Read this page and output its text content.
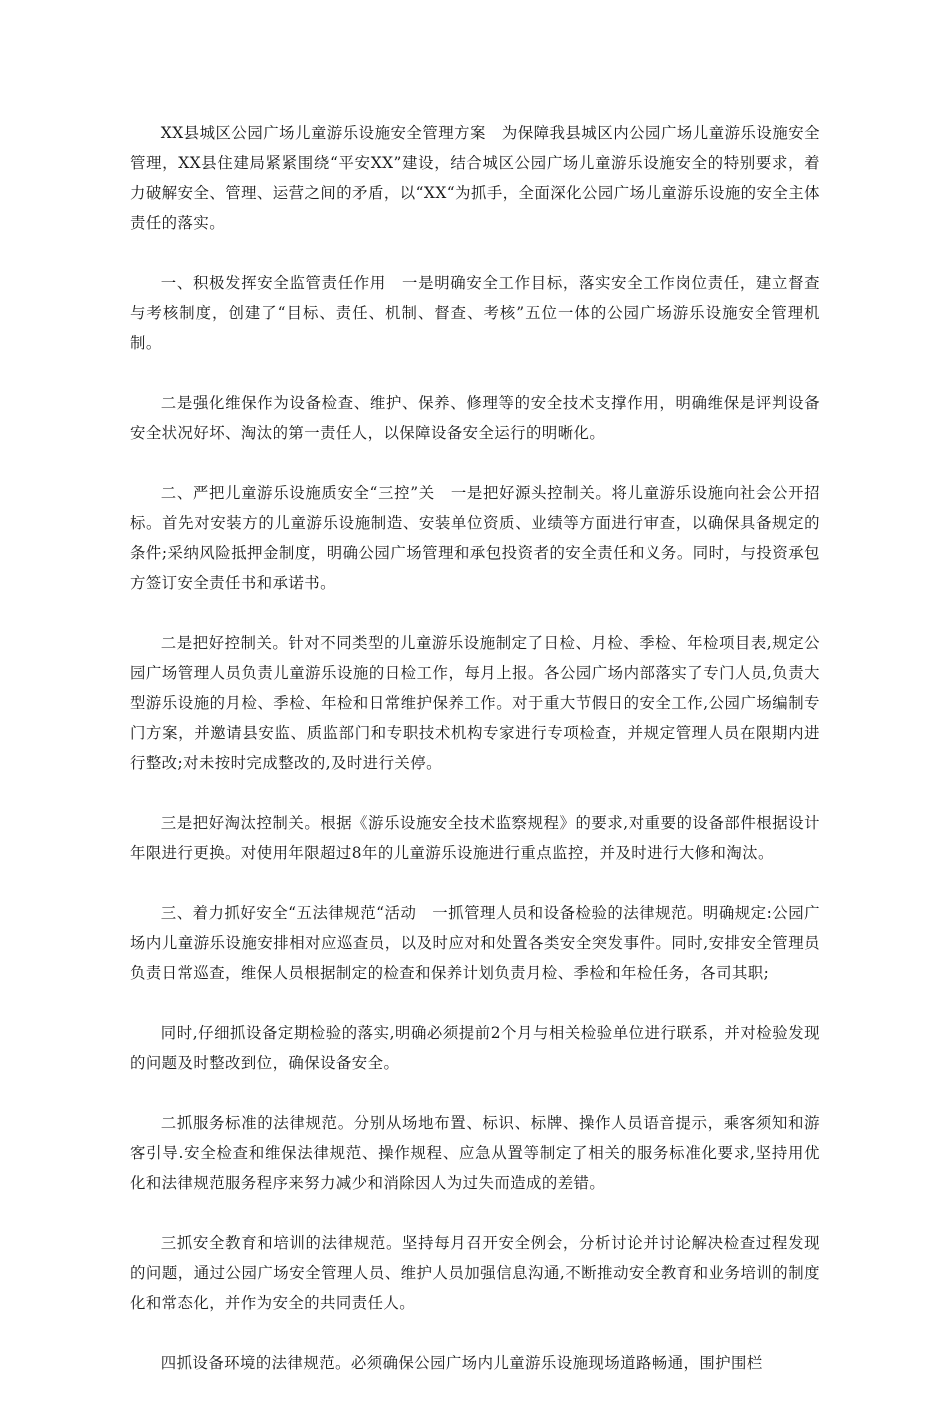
XX县城区公园广场儿童游乐设施安全管理方案　为保障我县城区内公园广场儿童游乐设施安全管理，XX县住建局紧紧围绕“平安XX”建设，结合城区公园广场儿童游乐设施安全的特别要求，着力破解安全、管理、运营之间的矛盾，以“XX“为抓手，全面深化公园广场儿童游乐设施的安全主体责任的落实。

一、积极发挥安全监管责任作用　一是明确安全工作目标，落实安全工作岗位责任，建立督查与考核制度，创建了“目标、责任、机制、督查、考核”五位一体的公园广场游乐设施安全管理机制。

二是强化维保作为设备检查、维护、保养、修理等的安全技术支撑作用，明确维保是评判设备安全状况好坏、淘汰的第一责任人，以保障设备安全运行的明晰化。

二、严把儿童游乐设施质安全“三控”关　一是把好源头控制关。将儿童游乐设施向社会公开招标。首先对安装方的儿童游乐设施制造、安装单位资质、业绩等方面进行审查，以确保具备规定的条件;采纳风险抵押金制度，明确公园广场管理和承包投资者的安全责任和义务。同时，与投资承包方签订安全责任书和承诺书。

二是把好控制关。针对不同类型的儿童游乐设施制定了日检、月检、季检、年检项目表,规定公园广场管理人员负责儿童游乐设施的日检工作，每月上报。各公园广场内部落实了专门人员,负责大型游乐设施的月检、季检、年检和日常维护保养工作。对于重大节假日的安全工作,公园广场编制专门方案，并邀请县安监、质监部门和专职技术机构专家进行专项检查，并规定管理人员在限期内进行整改;对未按时完成整改的,及时进行关停。

三是把好淘汰控制关。根据《游乐设施安全技术监察规程》的要求,对重要的设备部件根据设计年限进行更换。对使用年限超过8年的儿童游乐设施进行重点监控，并及时进行大修和淘汰。

三、着力抓好安全“五法律规范“活动　一抓管理人员和设备检验的法律规范。明确规定:公园广场内儿童游乐设施安排相对应巡查员，以及时应对和处置各类安全突发事件。同时,安排安全管理员负责日常巡查，维保人员根据制定的检查和保养计划负责月检、季检和年检任务，各司其职;

同时,仔细抓设备定期检验的落实,明确必须提前2个月与相关检验单位进行联系，并对检验发现的问题及时整改到位，确保设备安全。

二抓服务标准的法律规范。分别从场地布置、标识、标牌、操作人员语音提示，乘客须知和游客引导.安全检查和维保法律规范、操作规程、应急从置等制定了相关的服务标准化要求,坚持用优化和法律规范服务程序来努力减少和消除因人为过失而造成的差错。

三抓安全教育和培训的法律规范。坚持每月召开安全例会，分析讨论并讨论解决检查过程发现的问题，通过公园广场安全管理人员、维护人员加强信息沟通,不断推动安全教育和业务培训的制度化和常态化，并作为安全的共同责任人。

四抓设备环境的法律规范。必须确保公园广场内儿童游乐设施现场道路畅通，围护围栏
